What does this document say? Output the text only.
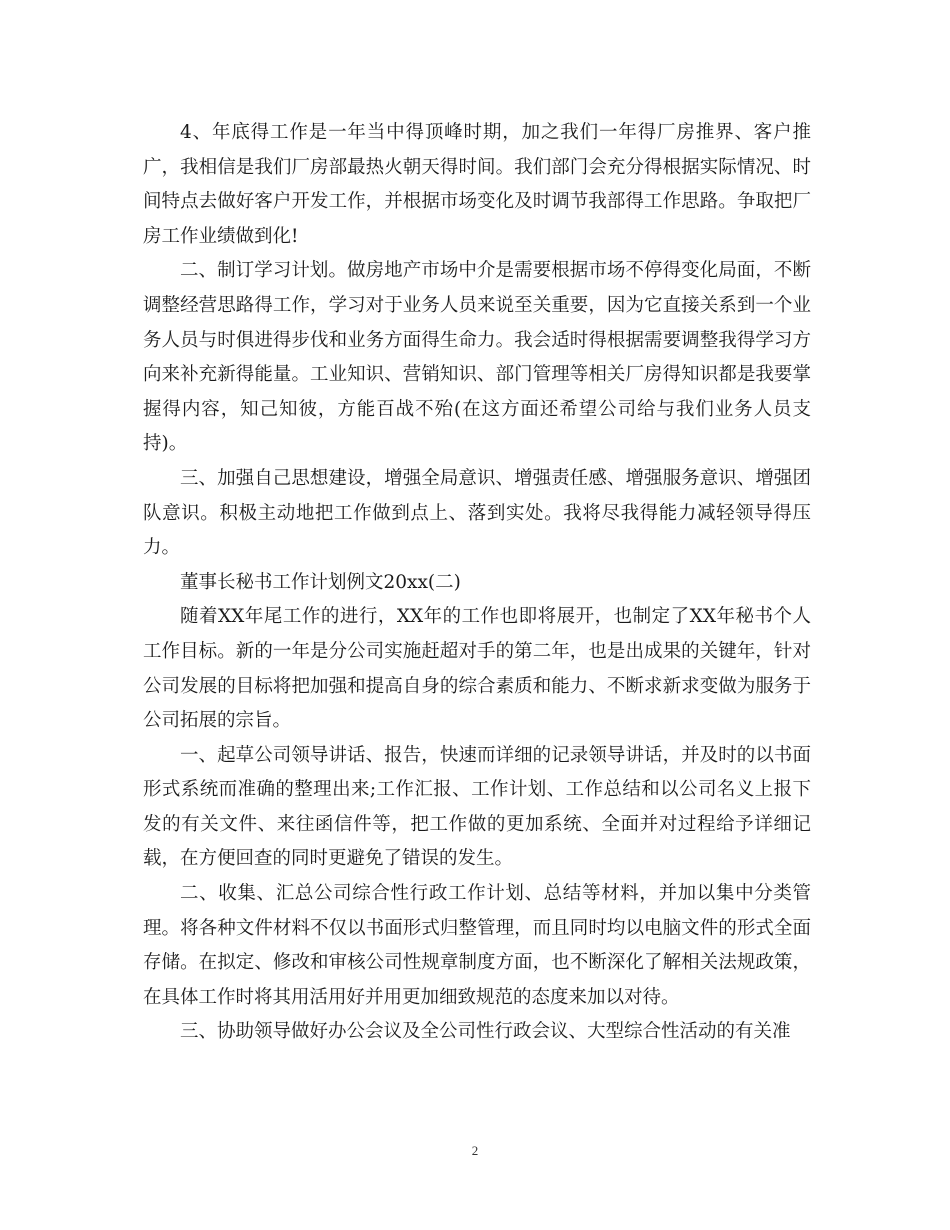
4、年底得工作是一年当中得顶峰时期，加之我们一年得厂房推界、客户推广，我相信是我们厂房部最热火朝天得时间。我们部门会充分得根据实际情况、时间特点去做好客户开发工作，并根据市场变化及时调节我部得工作思路。争取把厂房工作业绩做到化!

二、制订学习计划。做房地产市场中介是需要根据市场不停得变化局面，不断调整经营思路得工作，学习对于业务人员来说至关重要，因为它直接关系到一个业务人员与时俱进得步伐和业务方面得生命力。我会适时得根据需要调整我得学习方向来补充新得能量。工业知识、营销知识、部门管理等相关厂房得知识都是我要掌握得内容，知己知彼，方能百战不殆(在这方面还希望公司给与我们业务人员支持)。

三、加强自己思想建设，增强全局意识、增强责任感、增强服务意识、增强团队意识。积极主动地把工作做到点上、落到实处。我将尽我得能力减轻领导得压力。

董事长秘书工作计划例文20xx(二)

随着XX年尾工作的进行，XX年的工作也即将展开，也制定了XX年秘书个人工作目标。新的一年是分公司实施赶超对手的第二年，也是出成果的关键年，针对公司发展的目标将把加强和提高自身的综合素质和能力、不断求新求变做为服务于公司拓展的宗旨。

一、起草公司领导讲话、报告，快速而详细的记录领导讲话，并及时的以书面形式系统而准确的整理出来;工作汇报、工作计划、工作总结和以公司名义上报下发的有关文件、来往函信件等，把工作做的更加系统、全面并对过程给予详细记载，在方便回查的同时更避免了错误的发生。

二、收集、汇总公司综合性行政工作计划、总结等材料，并加以集中分类管理。将各种文件材料不仅以书面形式归整管理，而且同时均以电脑文件的形式全面存储。在拟定、修改和审核公司性规章制度方面，也不断深化了解相关法规政策，在具体工作时将其用活用好并用更加细致规范的态度来加以对待。

三、协助领导做好办公会议及全公司性行政会议、大型综合性活动的有关准

2
